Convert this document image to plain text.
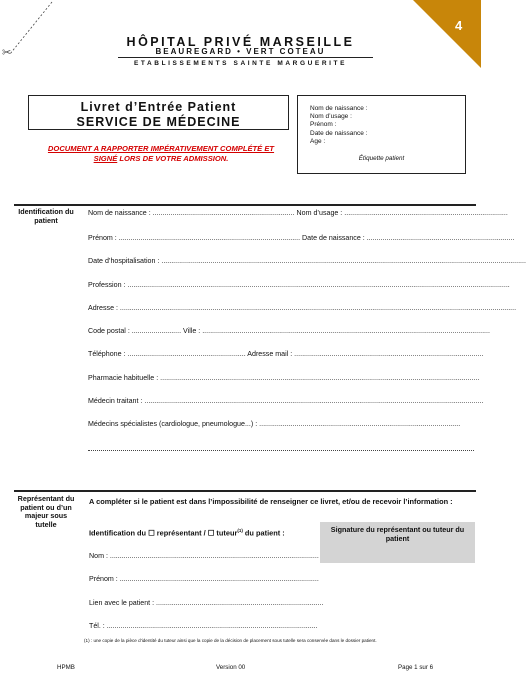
4
✂
HÔPITAL PRIVÉ MARSEILLE
BEAUREGARD • VERT COTEAU
ETABLISSEMENTS SAINTE MARGUERITE
Livret d’Entrée Patient
SERVICE DE MÉDECINE
DOCUMENT A RAPPORTER IMPÉRATIVEMENT COMPLÉTÉ ET
SIGNÉ LORS DE VOTRE ADMISSION.
Nom de naissance :
Nom d’usage :
Prénom :
Date de naissance :
Age :
Étiquette patient
Identification du patient
Nom de naissance : ........................................................................ Nom d’usage : ...................................................................................
Prénom : ............................................................................................ Date de naissance : ...........................................................................
Date d’hospitalisation : .........................................................................................................................................................................................
Profession : ..................................................................................................................................................................................................
Adresse : .........................................................................................................................................................................................................
Code postal : ......................... Ville : ..................................................................................................................................................
Téléphone : ............................................................ Adresse mail : ................................................................................................
Pharmacie habituelle : ..................................................................................................................................................................
Médecin traitant : ............................................................................................................................................................................
Médecins spécialistes (cardiologue, pneumologue...) : ......................................................................................................
Représentant du patient ou d’un majeur sous tutelle
A compléter si le patient est dans l’impossibilité de renseigner ce livret, et/ou de recevoir l’information :
Identification du ☐ représentant / ☐ tuteur$^{(1)}$ du patient :	Signature du représentant ou tuteur du patient
Nom : ..........................................................................................................
Prénom : .....................................................................................................
Lien avec le patient : .....................................................................................
Tél. : ...........................................................................................................
(1) : une copie de la pièce d’identité du tuteur ainsi que la copie de la décision de placement sous tutelle sera conservée dans le dossier patient.
HPMB	Version 00	Page 1 sur 6
